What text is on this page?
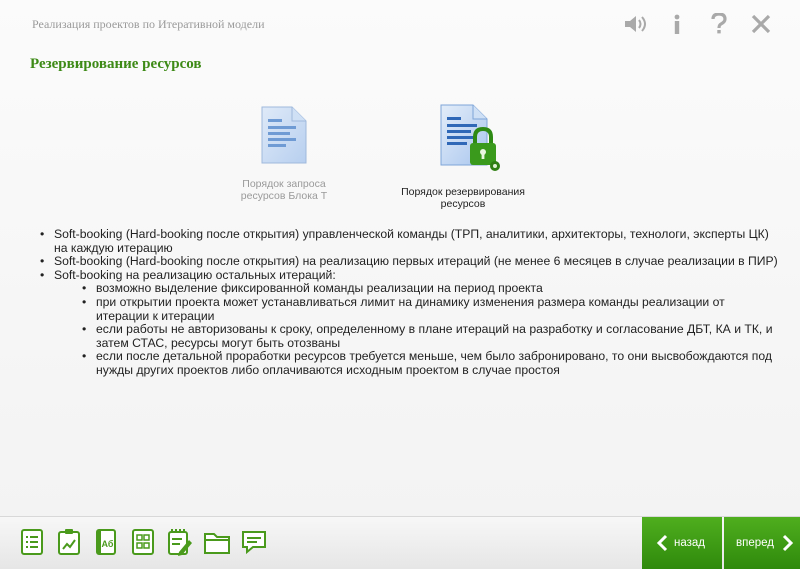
Реализация проектов по Итеративной модели
Резервирование ресурсов
Порядок запроса
ресурсов Блока Т	Порядок резервирования
ресурсов
• Soft-booking (Hard-booking после открытия) управленческой команды (ТРП, аналитики, архитекторы, технологи, эксперты ЦК) на каждую итерацию
• Soft-booking (Hard-booking после открытия) на реализацию первых итераций (не менее 6 месяцев в случае реализации в ПИР)
• Soft-booking на реализацию остальных итераций:
• возможно выделение фиксированной команды реализации на период проекта
• при открытии проекта может устанавливаться лимит на динамику изменения размера команды реализации от итерации к итерации
• если работы не авторизованы к сроку, определенному в плане итераций на разработку и согласование ДБТ, КА и ТК, и затем СТАС, ресурсы могут быть отозваны
• если после детальной проработки ресурсов требуется меньше, чем было забронировано, то они высвобождаются под нужды других проектов либо оплачиваются исходным проектом в случае простоя
Аб	назад	вперед
